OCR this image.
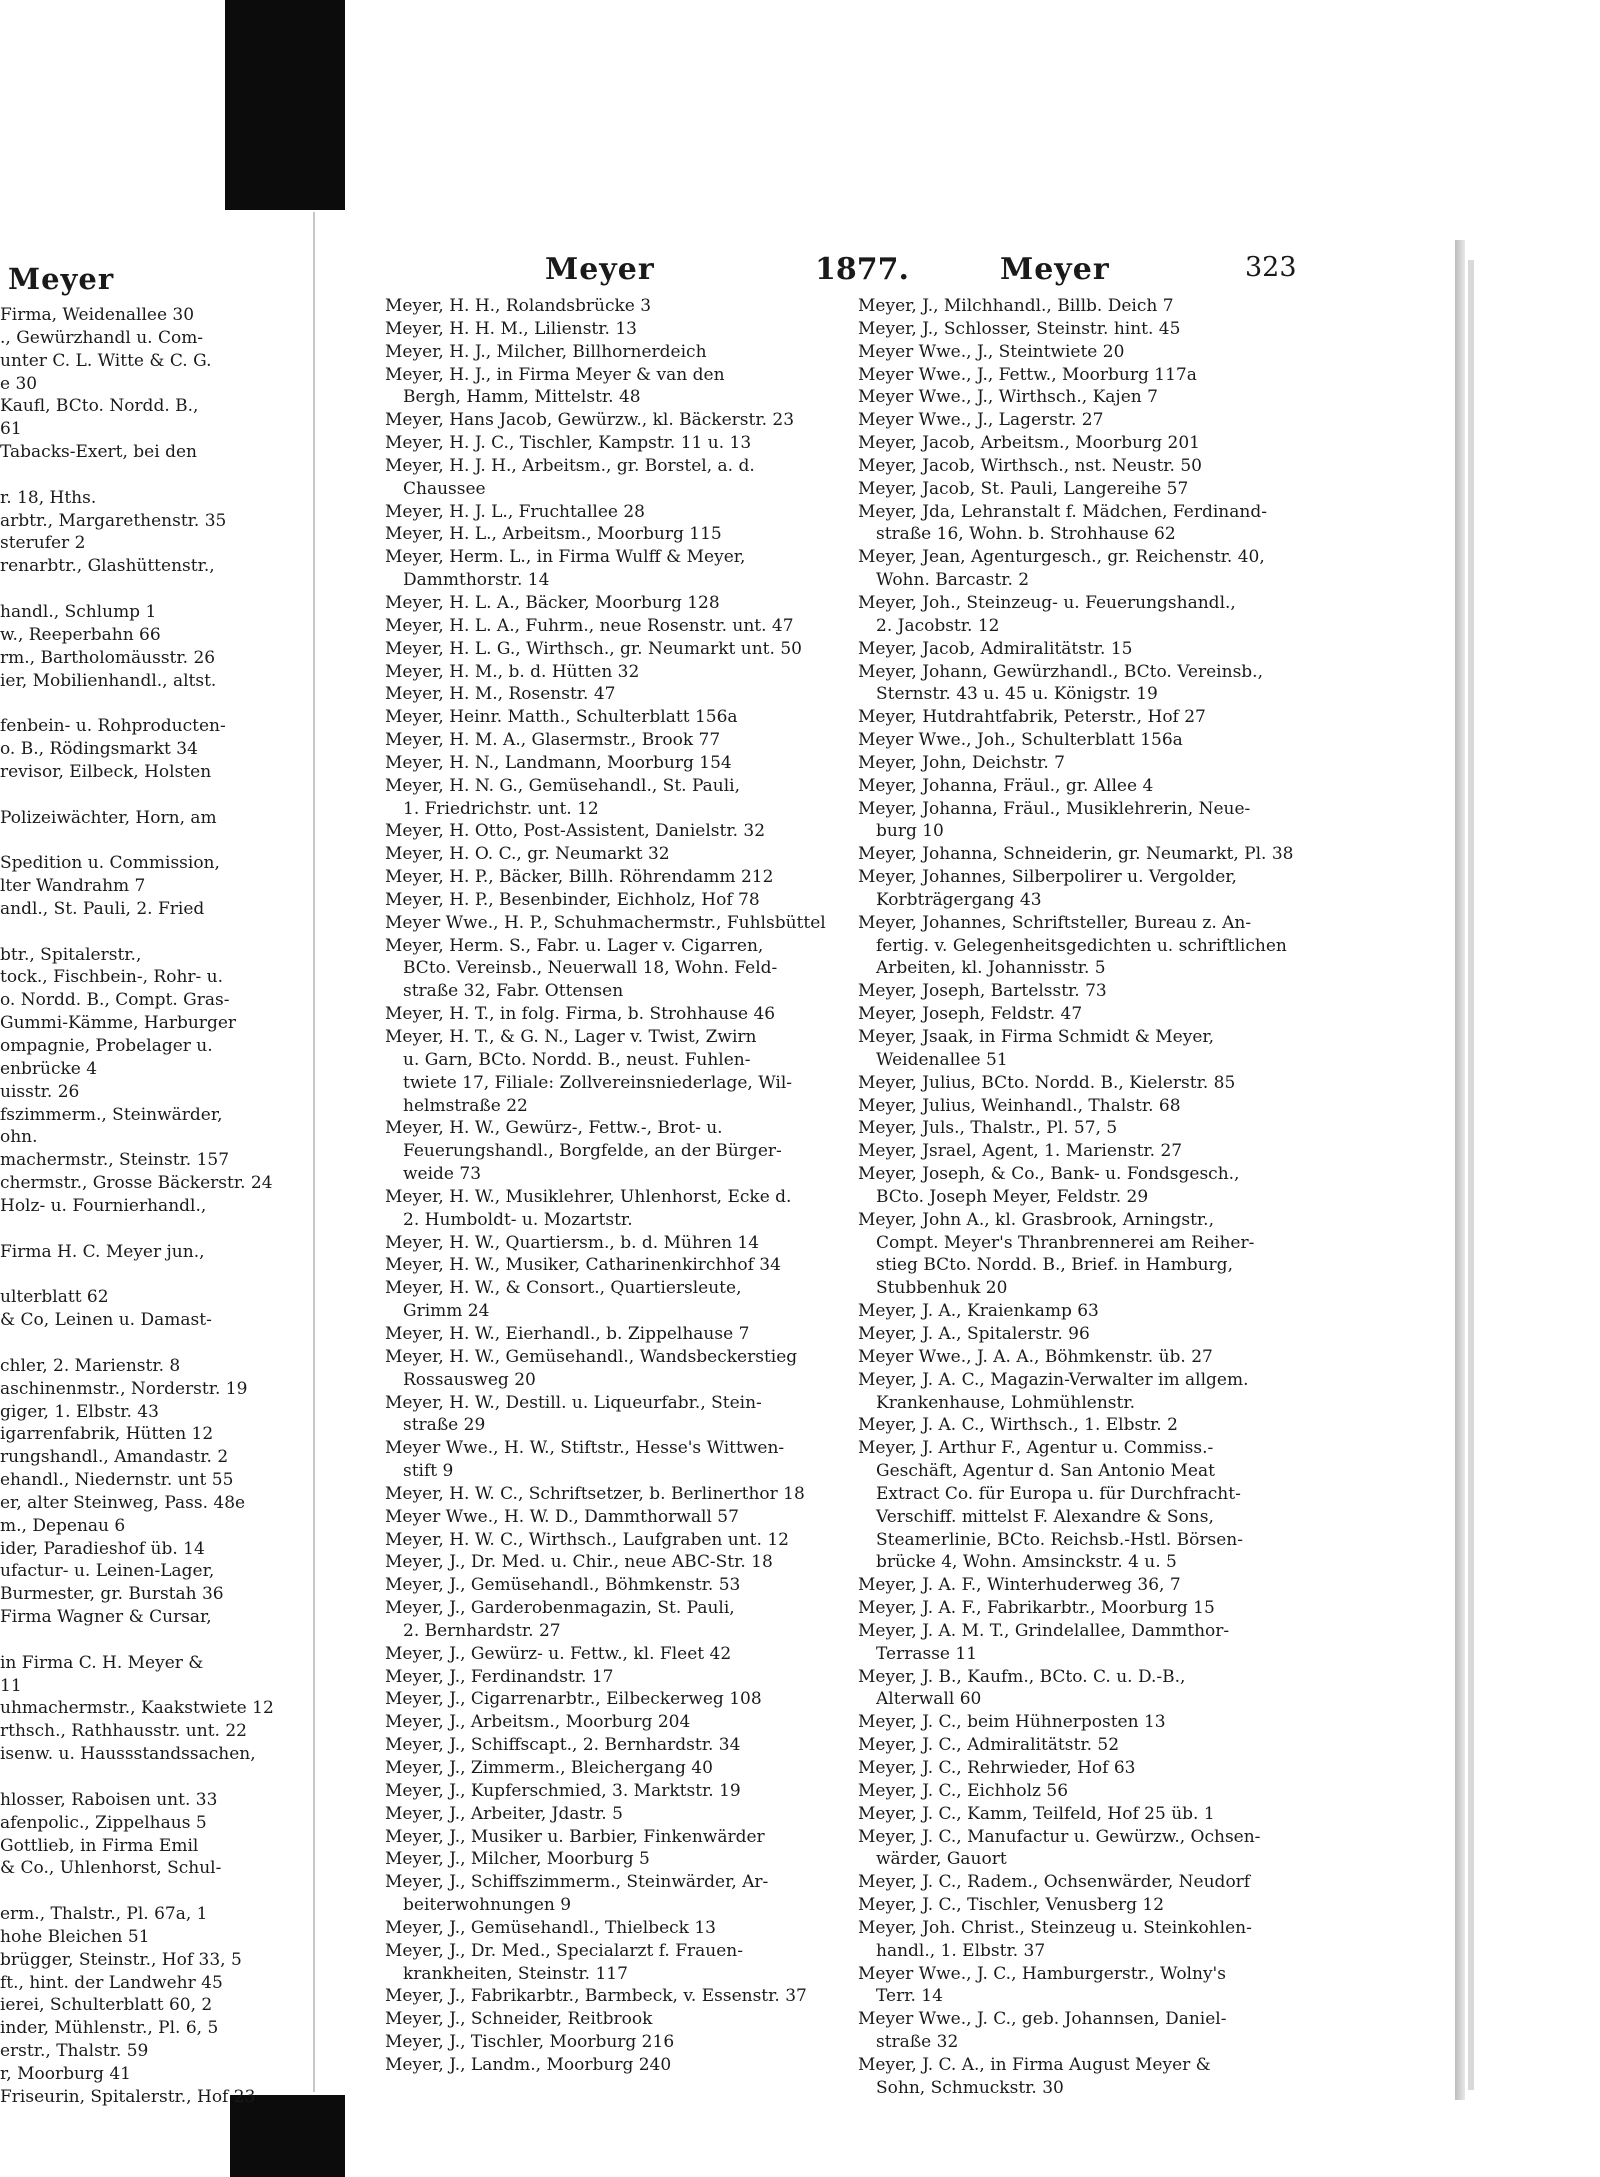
Meyer
Firma, Weidenallee 30
., Gewürzhandl u. Com-
unter C. L. Witte & C. G.
e 30
Kaufl, BCto. Nordd. B.,
61
Tabacks-Exert, bei den
r. 18, Hths.
arbtr., Margarethenstr. 35
sterufer 2
renarbtr., Glashüttenstr.,
handl., Schlump 1
w., Reeperbahn 66
rm., Bartholomäusstr. 26
ier, Mobilienhandl., altst.
fenbein- u. Rohproducten-
o. B., Rödingsmarkt 34
revisor, Eilbeck, Holsten
Polizeiwächter, Horn, am
Spedition u. Commission,
lter Wandrahm 7
andl., St. Pauli, 2. Fried
btr., Spitalerstr.,
tock., Fischbein-, Rohr- u.
o. Nordd. B., Compt. Gras-
Gummi-Kämme, Harburger
ompagnie, Probelager u.
enbrücke 4
uisstr. 26
fszimmerm., Steinwärder,
ohn.
machermstr., Steinstr. 157
chermstr., Grosse Bäckerstr. 24
Holz- u. Fournierhandl.,
Firma H. C. Meyer jun.,
ulterblatt 62
& Co, Leinen u. Damast-
chler, 2. Marienstr. 8
aschinenmstr., Norderstr. 19
giger, 1. Elbstr. 43
igarrenfabrik, Hütten 12
rungshandl., Amandastr. 2
ehandl., Niedernstr. unt 55
er, alter Steinweg, Pass. 48e
m., Depenau 6
ider, Paradieshof üb. 14
ufactur- u. Leinen-Lager,
Burmester, gr. Burstah 36
Firma Wagner & Cursar,
in Firma C. H. Meyer &
11
uhmachermstr., Kaakstwiete 12
rthsch., Rathhausstr. unt. 22
isenw. u. Haussstandssachen,
hlosser, Raboisen unt. 33
afenpolic., Zippelhaus 5
Gottlieb, in Firma Emil
& Co., Uhlenhorst, Schul-
erm., Thalstr., Pl. 67a, 1
hohe Bleichen 51
brügger, Steinstr., Hof 33, 5
ft., hint. der Landwehr 45
ierei, Schulterblatt 60, 2
inder, Mühlenstr., Pl. 6, 5
erstr., Thalstr. 59
r, Moorburg 41
Friseurin, Spitalerstr., Hof 23
Meyer	1877.	Meyer	323
Meyer, H. H., Rolandsbrücke 3
Meyer, H. H. M., Lilienstr. 13
Meyer, H. J., Milcher, Billhornerdeich
Meyer, H. J., in Firma Meyer & van den
Bergh, Hamm, Mittelstr. 48
Meyer, Hans Jacob, Gewürzw., kl. Bäckerstr. 23
Meyer, H. J. C., Tischler, Kampstr. 11 u. 13
Meyer, H. J. H., Arbeitsm., gr. Borstel, a. d.
Chaussee
Meyer, H. J. L., Fruchtallee 28
Meyer, H. L., Arbeitsm., Moorburg 115
Meyer, Herm. L., in Firma Wulff & Meyer,
Dammthorstr. 14
Meyer, H. L. A., Bäcker, Moorburg 128
Meyer, H. L. A., Fuhrm., neue Rosenstr. unt. 47
Meyer, H. L. G., Wirthsch., gr. Neumarkt unt. 50
Meyer, H. M., b. d. Hütten 32
Meyer, H. M., Rosenstr. 47
Meyer, Heinr. Matth., Schulterblatt 156a
Meyer, H. M. A., Glasermstr., Brook 77
Meyer, H. N., Landmann, Moorburg 154
Meyer, H. N. G., Gemüsehandl., St. Pauli,
1. Friedrichstr. unt. 12
Meyer, H. Otto, Post-Assistent, Danielstr. 32
Meyer, H. O. C., gr. Neumarkt 32
Meyer, H. P., Bäcker, Billh. Röhrendamm 212
Meyer, H. P., Besenbinder, Eichholz, Hof 78
Meyer Wwe., H. P., Schuhmachermstr., Fuhlsbüttel
Meyer, Herm. S., Fabr. u. Lager v. Cigarren,
BCto. Vereinsb., Neuerwall 18, Wohn. Feld-
straße 32, Fabr. Ottensen
Meyer, H. T., in folg. Firma, b. Strohhause 46
Meyer, H. T., & G. N., Lager v. Twist, Zwirn
u. Garn, BCto. Nordd. B., neust. Fuhlen-
twiete 17, Filiale: Zollvereinsniederlage, Wil-
helmstraße 22
Meyer, H. W., Gewürz-, Fettw.-, Brot- u.
Feuerungshandl., Borgfelde, an der Bürger-
weide 73
Meyer, H. W., Musiklehrer, Uhlenhorst, Ecke d.
2. Humboldt- u. Mozartstr.
Meyer, H. W., Quartiersm., b. d. Mühren 14
Meyer, H. W., Musiker, Catharinenkirchhof 34
Meyer, H. W., & Consort., Quartiersleute,
Grimm 24
Meyer, H. W., Eierhandl., b. Zippelhause 7
Meyer, H. W., Gemüsehandl., Wandsbeckerstieg
Rossausweg 20
Meyer, H. W., Destill. u. Liqueurfabr., Stein-
straße 29
Meyer Wwe., H. W., Stiftstr., Hesse's Wittwen-
stift 9
Meyer, H. W. C., Schriftsetzer, b. Berlinerthor 18
Meyer Wwe., H. W. D., Dammthorwall 57
Meyer, H. W. C., Wirthsch., Laufgraben unt. 12
Meyer, J., Dr. Med. u. Chir., neue ABC-Str. 18
Meyer, J., Gemüsehandl., Böhmkenstr. 53
Meyer, J., Garderobenmagazin, St. Pauli,
2. Bernhardstr. 27
Meyer, J., Gewürz- u. Fettw., kl. Fleet 42
Meyer, J., Ferdinandstr. 17
Meyer, J., Cigarrenarbtr., Eilbeckerweg 108
Meyer, J., Arbeitsm., Moorburg 204
Meyer, J., Schiffscapt., 2. Bernhardstr. 34
Meyer, J., Zimmerm., Bleichergang 40
Meyer, J., Kupferschmied, 3. Marktstr. 19
Meyer, J., Arbeiter, Jdastr. 5
Meyer, J., Musiker u. Barbier, Finkenwärder
Meyer, J., Milcher, Moorburg 5
Meyer, J., Schiffszimmerm., Steinwärder, Ar-
beiterwohnungen 9
Meyer, J., Gemüsehandl., Thielbeck 13
Meyer, J., Dr. Med., Specialarzt f. Frauen-
krankheiten, Steinstr. 117
Meyer, J., Fabrikarbtr., Barmbeck, v. Essenstr. 37
Meyer, J., Schneider, Reitbrook
Meyer, J., Tischler, Moorburg 216
Meyer, J., Landm., Moorburg 240
Meyer, J., Milchhandl., Billb. Deich 7
Meyer, J., Schlosser, Steinstr. hint. 45
Meyer Wwe., J., Steintwiete 20
Meyer Wwe., J., Fettw., Moorburg 117a
Meyer Wwe., J., Wirthsch., Kajen 7
Meyer Wwe., J., Lagerstr. 27
Meyer, Jacob, Arbeitsm., Moorburg 201
Meyer, Jacob, Wirthsch., nst. Neustr. 50
Meyer, Jacob, St. Pauli, Langereihe 57
Meyer, Jda, Lehranstalt f. Mädchen, Ferdinand-
straße 16, Wohn. b. Strohhause 62
Meyer, Jean, Agenturgesch., gr. Reichenstr. 40,
Wohn. Barcastr. 2
Meyer, Joh., Steinzeug- u. Feuerungshandl.,
2. Jacobstr. 12
Meyer, Jacob, Admiralitätstr. 15
Meyer, Johann, Gewürzhandl., BCto. Vereinsb.,
Sternstr. 43 u. 45 u. Königstr. 19
Meyer, Hutdrahtfabrik, Peterstr., Hof 27
Meyer Wwe., Joh., Schulterblatt 156a
Meyer, John, Deichstr. 7
Meyer, Johanna, Fräul., gr. Allee 4
Meyer, Johanna, Fräul., Musiklehrerin, Neue-
burg 10
Meyer, Johanna, Schneiderin, gr. Neumarkt, Pl. 38
Meyer, Johannes, Silberpolirer u. Vergolder,
Korbträgergang 43
Meyer, Johannes, Schriftsteller, Bureau z. An-
fertig. v. Gelegenheitsgedichten u. schriftlichen
Arbeiten, kl. Johannisstr. 5
Meyer, Joseph, Bartelsstr. 73
Meyer, Joseph, Feldstr. 47
Meyer, Jsaak, in Firma Schmidt & Meyer,
Weidenallee 51
Meyer, Julius, BCto. Nordd. B., Kielerstr. 85
Meyer, Julius, Weinhandl., Thalstr. 68
Meyer, Juls., Thalstr., Pl. 57, 5
Meyer, Jsrael, Agent, 1. Marienstr. 27
Meyer, Joseph, & Co., Bank- u. Fondsgesch.,
BCto. Joseph Meyer, Feldstr. 29
Meyer, John A., kl. Grasbrook, Arningstr.,
Compt. Meyer's Thranbrennerei am Reiher-
stieg BCto. Nordd. B., Brief. in Hamburg,
Stubbenhuk 20
Meyer, J. A., Kraienkamp 63
Meyer, J. A., Spitalerstr. 96
Meyer Wwe., J. A. A., Böhmkenstr. üb. 27
Meyer, J. A. C., Magazin-Verwalter im allgem.
Krankenhause, Lohmühlenstr.
Meyer, J. A. C., Wirthsch., 1. Elbstr. 2
Meyer, J. Arthur F., Agentur u. Commiss.-
Geschäft, Agentur d. San Antonio Meat
Extract Co. für Europa u. für Durchfracht-
Verschiff. mittelst F. Alexandre & Sons,
Steamerlinie, BCto. Reichsb.-Hstl. Börsen-
brücke 4, Wohn. Amsinckstr. 4 u. 5
Meyer, J. A. F., Winterhuderweg 36, 7
Meyer, J. A. F., Fabrikarbtr., Moorburg 15
Meyer, J. A. M. T., Grindelallee, Dammthor-
Terrasse 11
Meyer, J. B., Kaufm., BCto. C. u. D.-B.,
Alterwall 60
Meyer, J. C., beim Hühnerposten 13
Meyer, J. C., Admiralitätstr. 52
Meyer, J. C., Rehrwieder, Hof 63
Meyer, J. C., Eichholz 56
Meyer, J. C., Kamm, Teilfeld, Hof 25 üb. 1
Meyer, J. C., Manufactur u. Gewürzw., Ochsen-
wärder, Gauort
Meyer, J. C., Radem., Ochsenwärder, Neudorf
Meyer, J. C., Tischler, Venusberg 12
Meyer, Joh. Christ., Steinzeug u. Steinkohlen-
handl., 1. Elbstr. 37
Meyer Wwe., J. C., Hamburgerstr., Wolny's
Terr. 14
Meyer Wwe., J. C., geb. Johannsen, Daniel-
straße 32
Meyer, J. C. A., in Firma August Meyer &
Sohn, Schmuckstr. 30
